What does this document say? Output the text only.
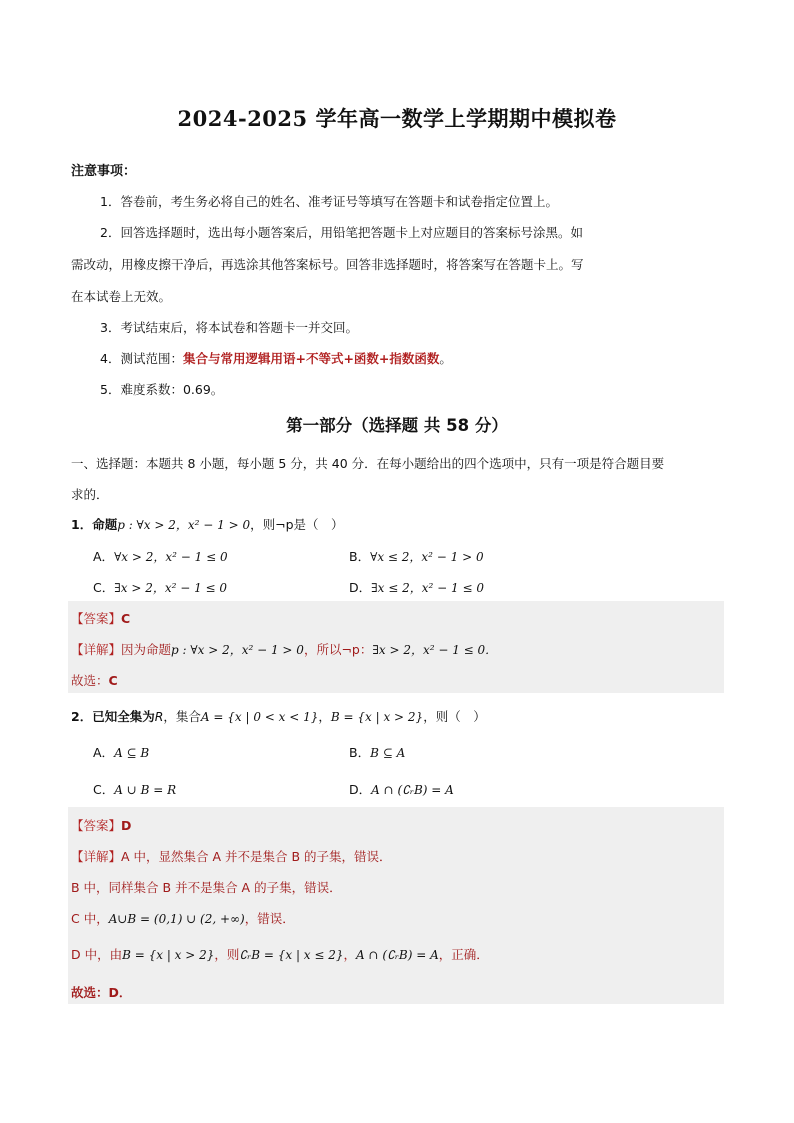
2024-2025 学年高一数学上学期期中模拟卷
注意事项：
1．答卷前，考生务必将自己的姓名、准考证号等填写在答题卡和试卷指定位置上。
2．回答选择题时，选出每小题答案后，用铅笔把答题卡上对应题目的答案标号涂黑。如
需改动，用橡皮擦干净后，再选涂其他答案标号。回答非选择题时，将答案写在答题卡上。写
在本试卷上无效。
3．考试结束后，将本试卷和答题卡一并交回。
4．测试范围：集合与常用逻辑用语+不等式+函数+指数函数。
5．难度系数：0.69。
第一部分（选择题 共 58 分）
一、选择题：本题共 8 小题，每小题 5 分，共 40 分．在每小题给出的四个选项中，只有一项是符合题目要
求的．
1．命题p : ∀x > 2，x² − 1 > 0，则¬p是（　）
A．∀x > 2，x² − 1 ≤ 0	B．∀x ≤ 2，x² − 1 > 0
C．∃x > 2，x² − 1 ≤ 0	D．∃x ≤ 2，x² − 1 ≤ 0
【答案】C
【详解】因为命题p : ∀x > 2，x² − 1 > 0，所以¬p：∃x > 2，x² − 1 ≤ 0．
故选：C
2．已知全集为R，集合A = {x | 0 < x < 1}，B = {x | x > 2}，则（　）
A．A ⊆ B	B．B ⊆ A
C．A ∪ B = R	D．A ∩ (∁ᵣB) = A
【答案】D
【详解】A 中，显然集合 A 并不是集合 B 的子集，错误．
B 中，同样集合 B 并不是集合 A 的子集，错误．
C 中，A∪B = (0,1) ∪ (2, +∞)，错误．
D 中，由B = {x | x > 2}，则∁ᵣB = {x | x ≤ 2}，A ∩ (∁ᵣB) = A，正确．
故选：D．
